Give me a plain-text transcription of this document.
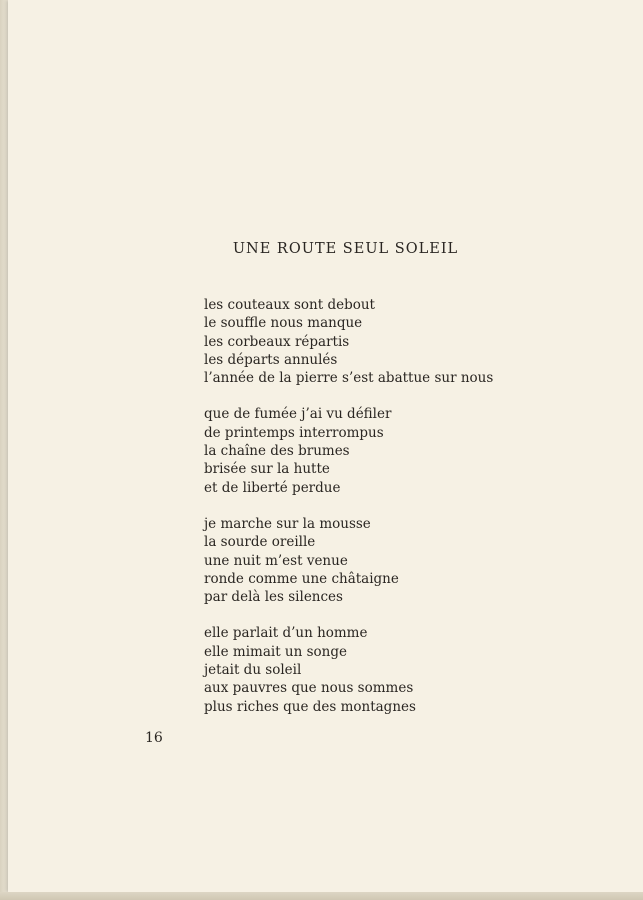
UNE ROUTE SEUL SOLEIL
les couteaux sont debout
le souffle nous manque
les corbeaux répartis
les départs annulés
l’année de la pierre s’est abattue sur nous
que de fumée j’ai vu défiler
de printemps interrompus
la chaîne des brumes
brisée sur la hutte
et de liberté perdue
je marche sur la mousse
la sourde oreille
une nuit m’est venue
ronde comme une châtaigne
par delà les silences
elle parlait d’un homme
elle mimait un songe
jetait du soleil
aux pauvres que nous sommes
plus riches que des montagnes
16
